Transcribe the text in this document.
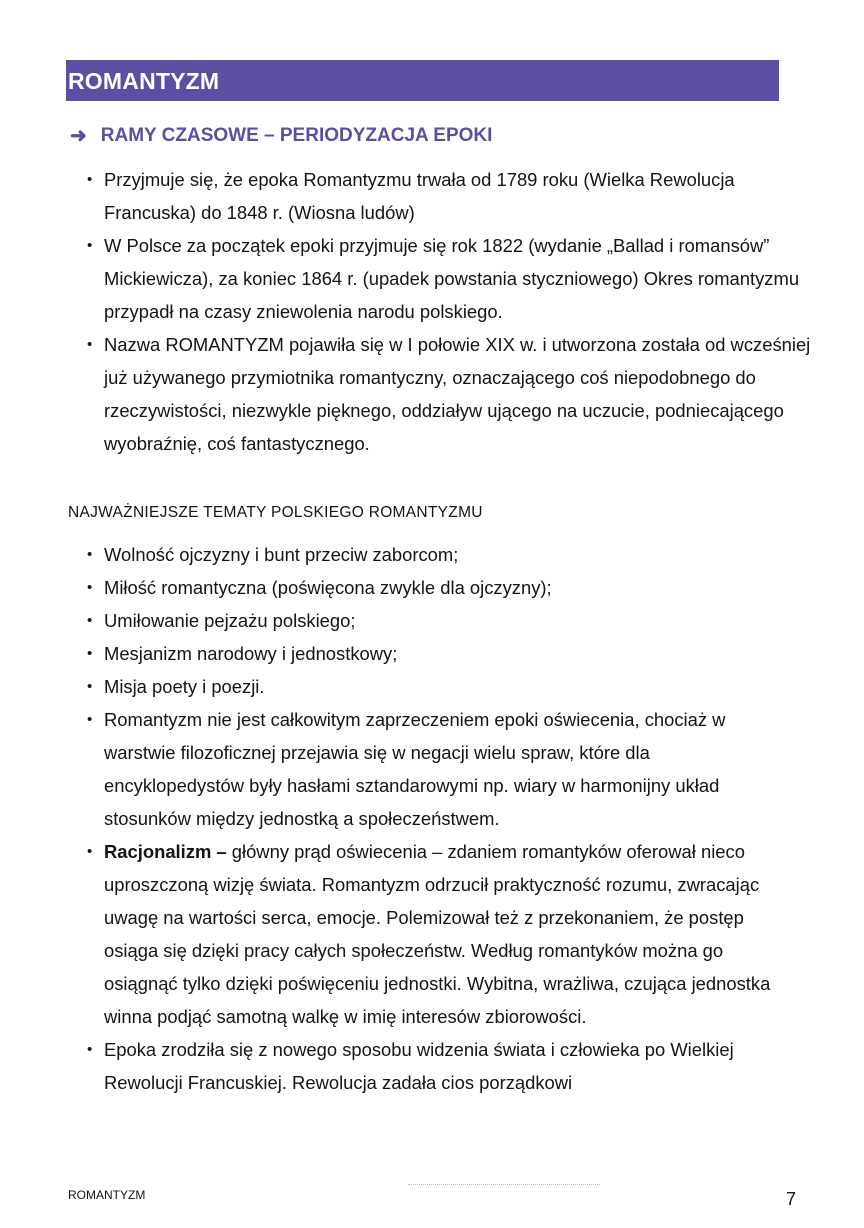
ROMANTYZM
➜ RAMY CZASOWE – PERIODYZACJA EPOKI
• Przyjmuje się, że epoka Romantyzmu trwała od 1789 roku (Wielka Rewolucja Francuska) do 1848 r. (Wiosna ludów)
• W Polsce za początek epoki przyjmuje się rok 1822 (wydanie „Ballad i romansów” Mickiewicza), za koniec 1864 r. (upadek powstania styczniowego) Okres romantyzmu przypadł na czasy zniewolenia narodu polskiego.
• Nazwa ROMANTYZM pojawiła się w I połowie XIX w. i utworzona została od wcześniej już używanego przymiotnika romantyczny, oznaczającego coś niepodobnego do rzeczywistości, niezwykle pięknego, oddziaływ ującego na uczucie, podniecającego wyobraźnię, coś fantastycznego.
NAJWAŻNIEJSZE TEMATY POLSKIEGO ROMANTYZMU
• Wolność ojczyzny i bunt przeciw zaborcom;
• Miłość romantyczna (poświęcona zwykle dla ojczyzny);
• Umiłowanie pejzażu polskiego;
• Mesjanizm narodowy i jednostkowy;
• Misja poety i poezji.
• Romantyzm nie jest całkowitym zaprzeczeniem epoki oświecenia, chociaż w warstwie filozoficznej przejawia się w negacji wielu spraw, które dla encyklopedystów były hasłami sztandarowymi np. wiary w harmonijny układ stosunków między jednostką a społeczeństwem.
• Racjonalizm – główny prąd oświecenia – zdaniem romantyków oferował nieco uproszczoną wizję świata. Romantyzm odrzucił praktyczność rozumu, zwracając uwagę na wartości serca, emocje. Polemizował też z przekonaniem, że postęp osiąga się dzięki pracy całych społeczeństw. Według romantyków można go osiągnąć tylko dzięki poświęceniu jednostki. Wybitna, wrażliwa, czująca jednostka winna podjąć samotną walkę w imię interesów zbiorowości.
• Epoka zrodziła się z nowego sposobu widzenia świata i człowieka po Wielkiej Rewolucji Francuskiej. Rewolucja zadała cios porządkowi
ROMANTYZM	7
